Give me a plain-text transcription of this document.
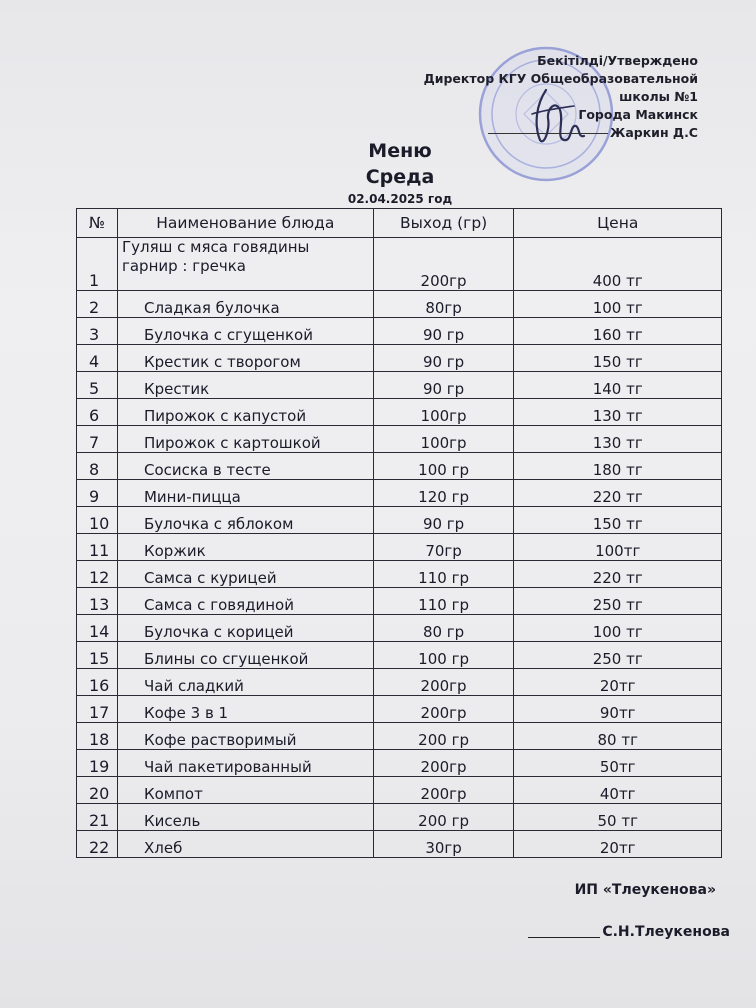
Бекітілді/Утверждено
Директор КГУ Общеобразовательной
школы №1
Города Макинск
Жаркин Д.С
Меню
Среда
02.04.2025 год
№	Наименование блюда	Выход (гр)	Цена
1	Гуляш с мяса говядины
гарнир : гречка	200гр	400 тг
2	Сладкая булочка	80гр	100 тг
3	Булочка с сгущенкой	90 гр	160 тг
4	Крестик с творогом	90 гр	150 тг
5	Крестик	90 гр	140 тг
6	Пирожок с капустой	100гр	130 тг
7	Пирожок с картошкой	100гр	130 тг
8	Сосиска в тесте	100 гр	180 тг
9	Мини-пицца	120 гр	220 тг
10	Булочка с яблоком	90 гр	150 тг
11	Коржик	70гр	100тг
12	Самса с курицей	110 гр	220 тг
13	Самса с говядиной	110 гр	250 тг
14	Булочка с корицей	80 гр	100 тг
15	Блины со сгущенкой	100 гр	250 тг
16	Чай сладкий	200гр	20тг
17	Кофе 3 в 1	200гр	90тг
18	Кофе растворимый	200 гр	80 тг
19	Чай пакетированный	200гр	50тг
20	Компот	200гр	40тг
21	Кисель	200 гр	50 тг
22	Хлеб	30гр	20тг
ИП «Тлеукенова»
С.Н.Тлеукенова
